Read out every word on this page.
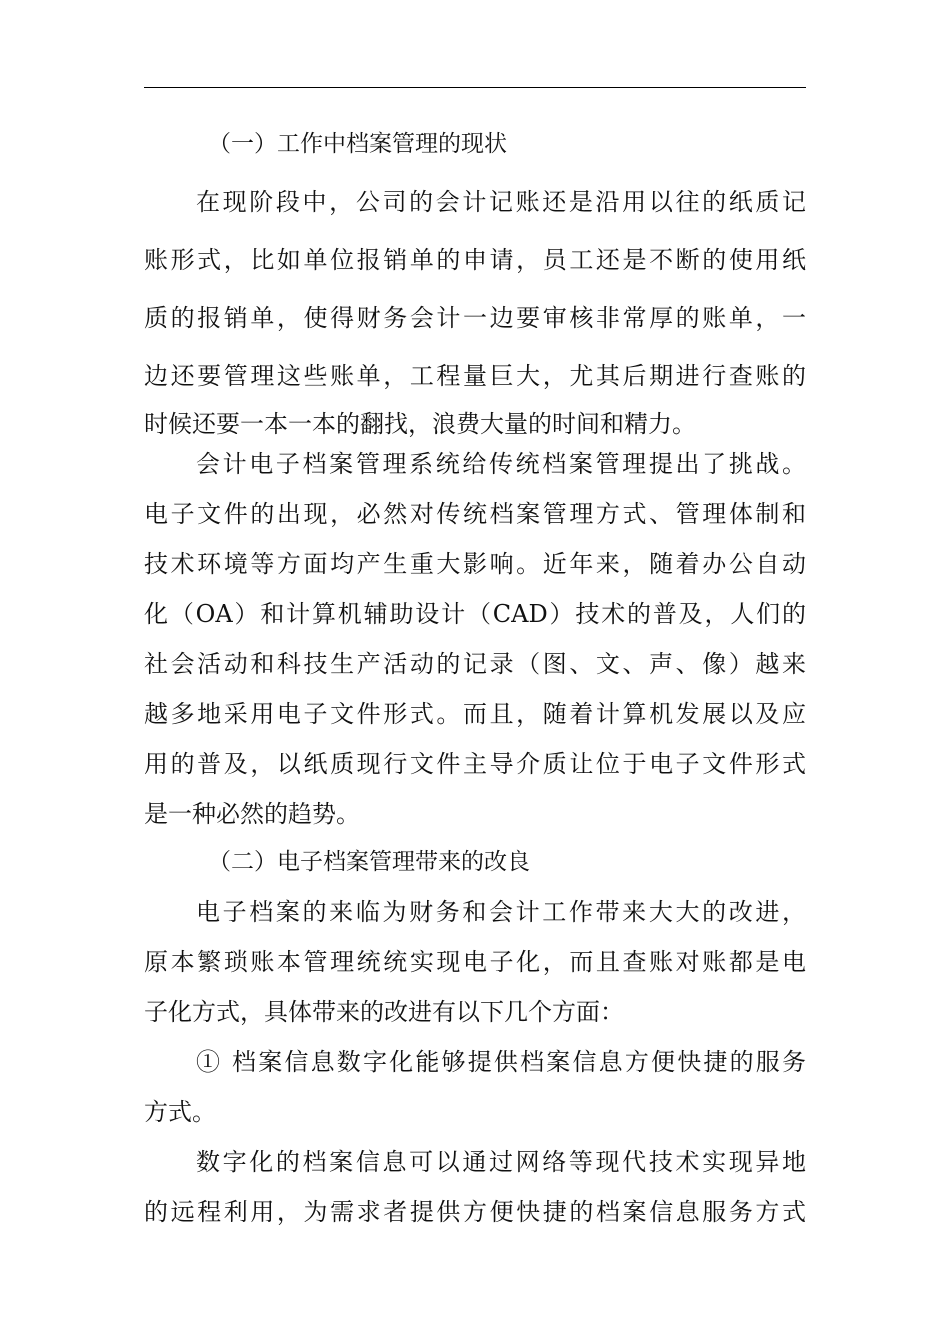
（一）工作中档案管理的现状
在现阶段中，公司的会计记账还是沿用以往的纸质记
账形式，比如单位报销单的申请，员工还是不断的使用纸
质的报销单，使得财务会计一边要审核非常厚的账单，一
边还要管理这些账单，工程量巨大，尤其后期进行查账的
时候还要一本一本的翻找，浪费大量的时间和精力。
会计电子档案管理系统给传统档案管理提出了挑战。
电子文件的出现，必然对传统档案管理方式、管理体制和
技术环境等方面均产生重大影响。近年来，随着办公自动
化（OA）和计算机辅助设计（CAD）技术的普及，人们的
社会活动和科技生产活动的记录（图、文、声、像）越来
越多地采用电子文件形式。而且，随着计算机发展以及应
用的普及，以纸质现行文件主导介质让位于电子文件形式
是一种必然的趋势。
（二）电子档案管理带来的改良
电子档案的来临为财务和会计工作带来大大的改进，
原本繁琐账本管理统统实现电子化，而且查账对账都是电
子化方式，具体带来的改进有以下几个方面：
① 档案信息数字化能够提供档案信息方便快捷的服务
方式。
数字化的档案信息可以通过网络等现代技术实现异地
的远程利用，为需求者提供方便快捷的档案信息服务方式
